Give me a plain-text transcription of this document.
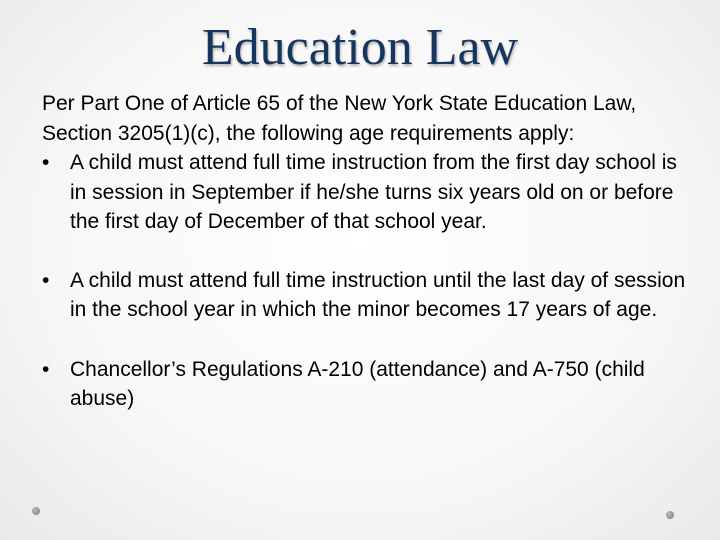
Education Law

Per Part One of Article 65 of the New York State Education Law, Section 3205(1)(c), the following age requirements apply:

• A child must attend full time instruction from the first day school is in session in September if he/she turns six years old on or before the first day of December of that school year.
• A child must attend full time instruction until the last day of session in the school year in which the minor becomes 17 years of age.
• Chancellor’s Regulations A-210 (attendance) and A-750 (child abuse)
